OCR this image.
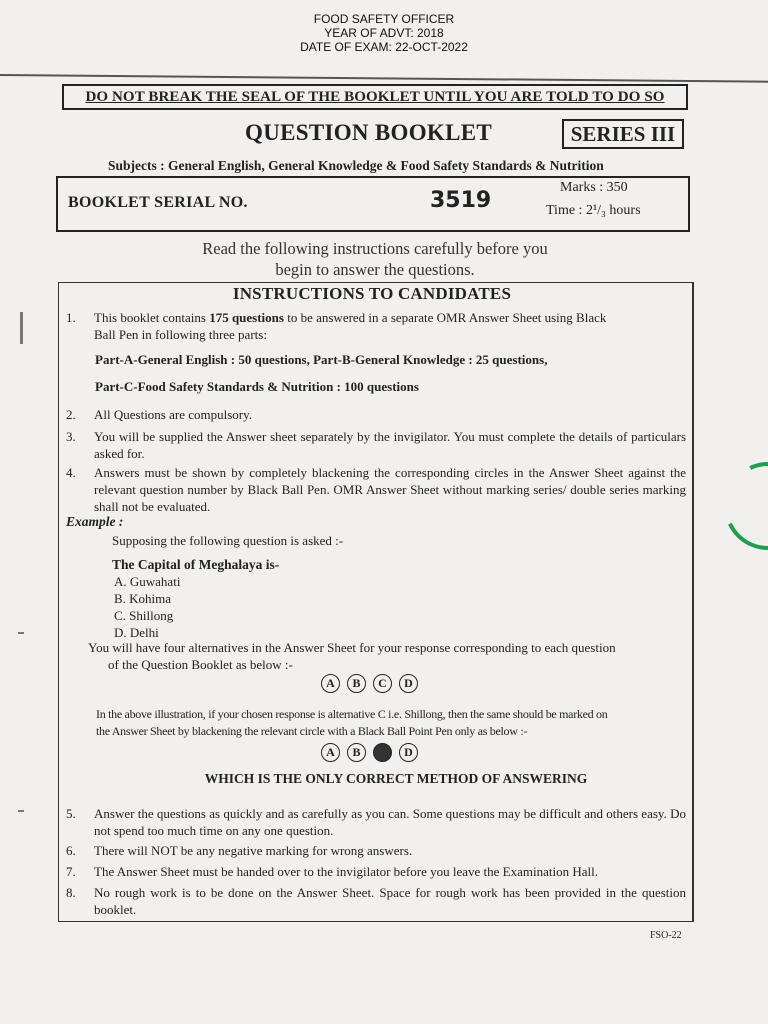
FOOD SAFETY OFFICER
YEAR OF ADVT: 2018
DATE OF EXAM: 22-OCT-2022
DO NOT BREAK THE SEAL OF THE BOOKLET UNTIL YOU ARE TOLD TO DO SO
QUESTION BOOKLET	SERIES III
Subjects : General English, General Knowledge & Food Safety Standards & Nutrition
BOOKLET SERIAL NO.	3519
Marks : 350
Time : 2¹/₃ hours
Read the following instructions carefully before you
begin to answer the questions.
INSTRUCTIONS TO CANDIDATES
1. This booklet contains 175 questions to be answered in a separate OMR Answer Sheet using Black
Ball Pen in following three parts:
Part-A-General English : 50 questions, Part-B-General Knowledge : 25 questions,
Part-C-Food Safety Standards & Nutrition : 100 questions
2. All Questions are compulsory.
3. You will be supplied the Answer sheet separately by the invigilator. You must complete the details of particulars asked for.
4. Answers must be shown by completely blackening the corresponding circles in the Answer Sheet against the relevant question number by Black Ball Pen. OMR Answer Sheet without marking series/ double series marking shall not be evaluated.
Example :
Supposing the following question is asked :-
The Capital of Meghalaya is-
A. Guwahati
B. Kohima
C. Shillong
D. Delhi
You will have four alternatives in the Answer Sheet for your response corresponding to each question
of the Question Booklet as below :-
A	B	C	D
In the above illustration, if your chosen response is alternative C i.e. Shillong, then the same should be marked on
the Answer Sheet by blackening the relevant circle with a Black Ball Point Pen only as below :-
A	B	D
WHICH IS THE ONLY CORRECT METHOD OF ANSWERING
5. Answer the questions as quickly and as carefully as you can. Some questions may be difficult and others easy. Do not spend too much time on any one question.
6. There will NOT be any negative marking for wrong answers.
7. The Answer Sheet must be handed over to the invigilator before you leave the Examination Hall.
8. No rough work is to be done on the Answer Sheet. Space for rough work has been provided in the question booklet.
FSO-22
